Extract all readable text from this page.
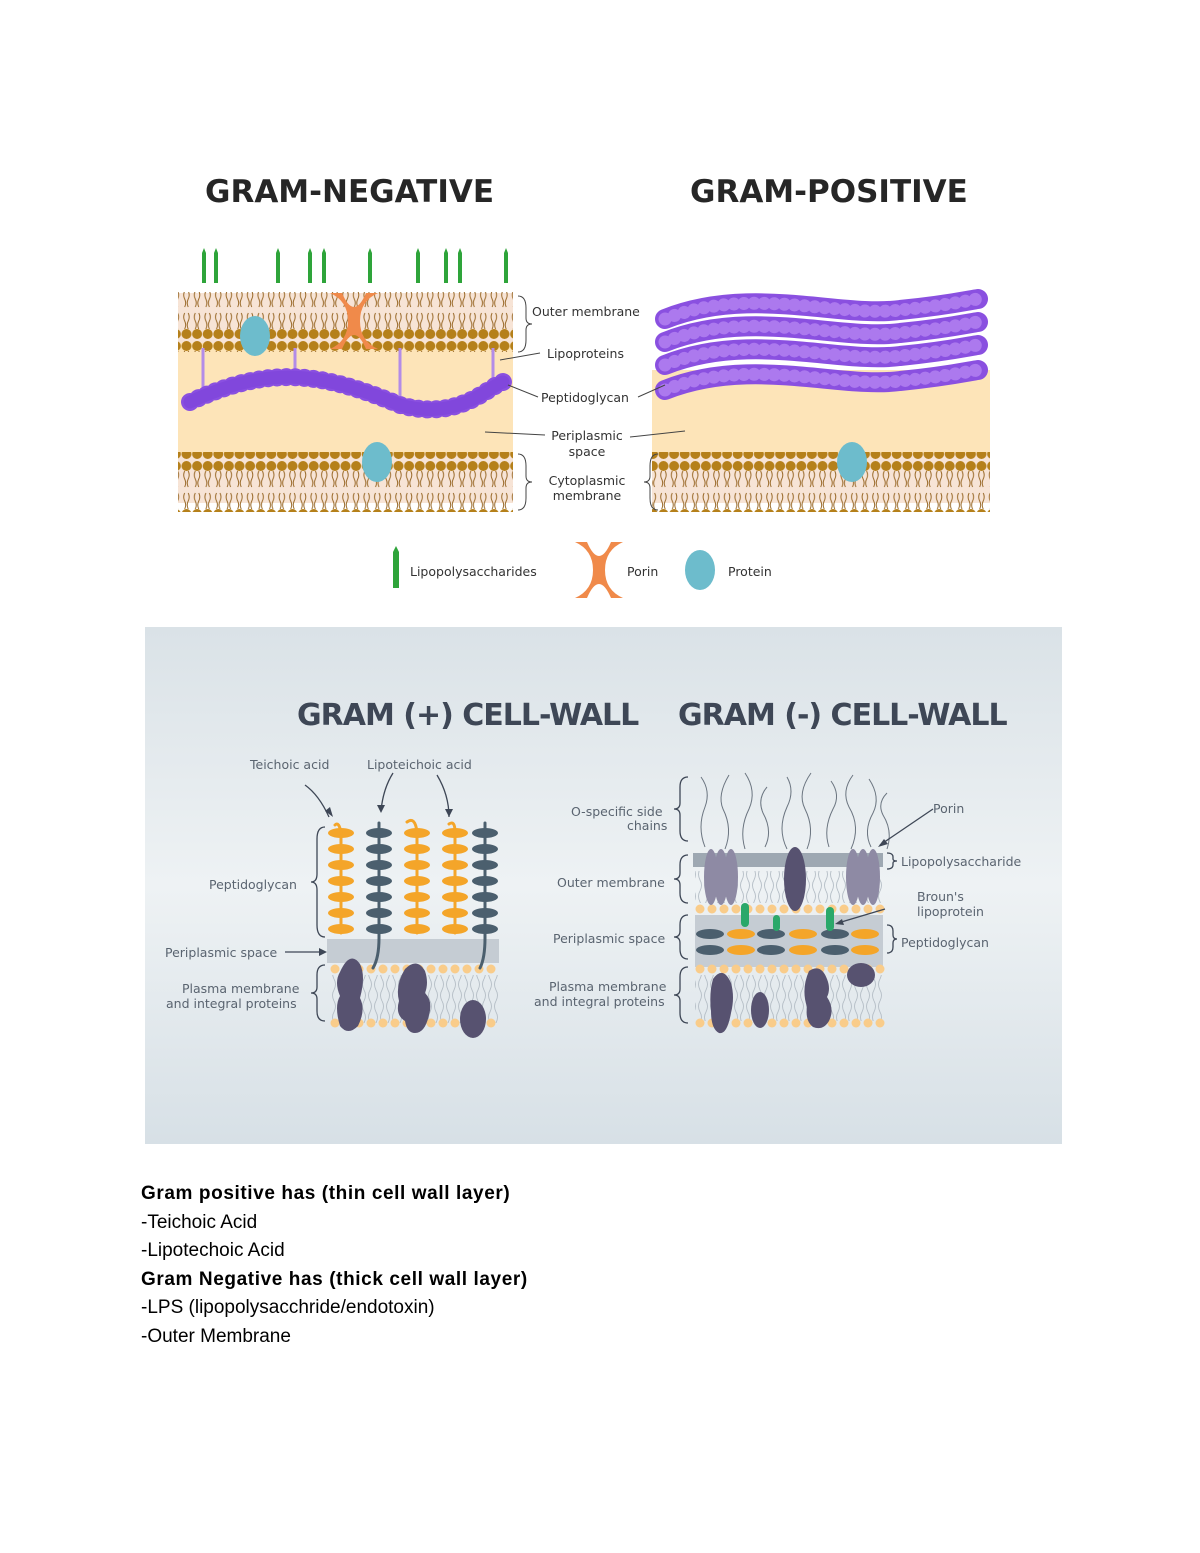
GRAM-NEGATIVE	GRAM-POSITIVE
Outer membrane
Lipoproteins
Peptidoglycan
Periplasmic
space
Cytoplasmic
membrane
Lipopolysaccharides	Porin	Protein
GRAM (+) CELL-WALL GRAM (-) CELL-WALL
Teichoic acid	Lipoteichoic acid
Peptidoglycan
Periplasmic space
Plasma membrane
and integral proteins
O-specific side
chains
Porin
Lipopolysaccharide
Outer membrane
Broun's
lipoprotein
Periplasmic space	Peptidoglycan
Plasma membrane
and integral proteins
Gram positive has (thin cell wall layer)
-Teichoic Acid
-Lipotechoic Acid
Gram Negative has (thick cell wall layer)
-LPS (lipopolysacchride/endotoxin)
-Outer Membrane
